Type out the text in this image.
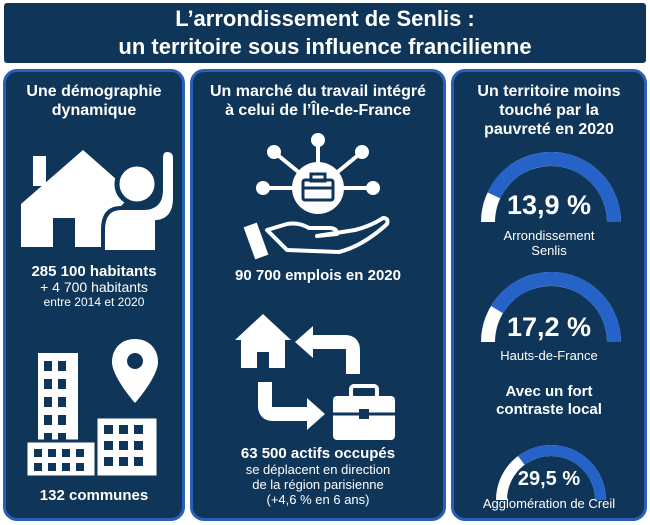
L’arrondissement de Senlis :
un territoire sous influence francilienne
Une démographie
dynamique
285 100 habitants
+ 4 700 habitants
entre 2014 et 2020
132 communes
Un marché du travail intégré
à celui de l’Île-de-France
90 700 emplois en 2020
63 500 actifs occupés
se déplacent en direction
de la région parisienne
(+4,6 % en 6 ans)
Un territoire moins
touché par la
pauvreté en 2020
13,9 %
Arrondissement
Senlis
17,2 %
Hauts-de-France
Avec un fort
contraste local
29,5 %
Agglomération de Creil
